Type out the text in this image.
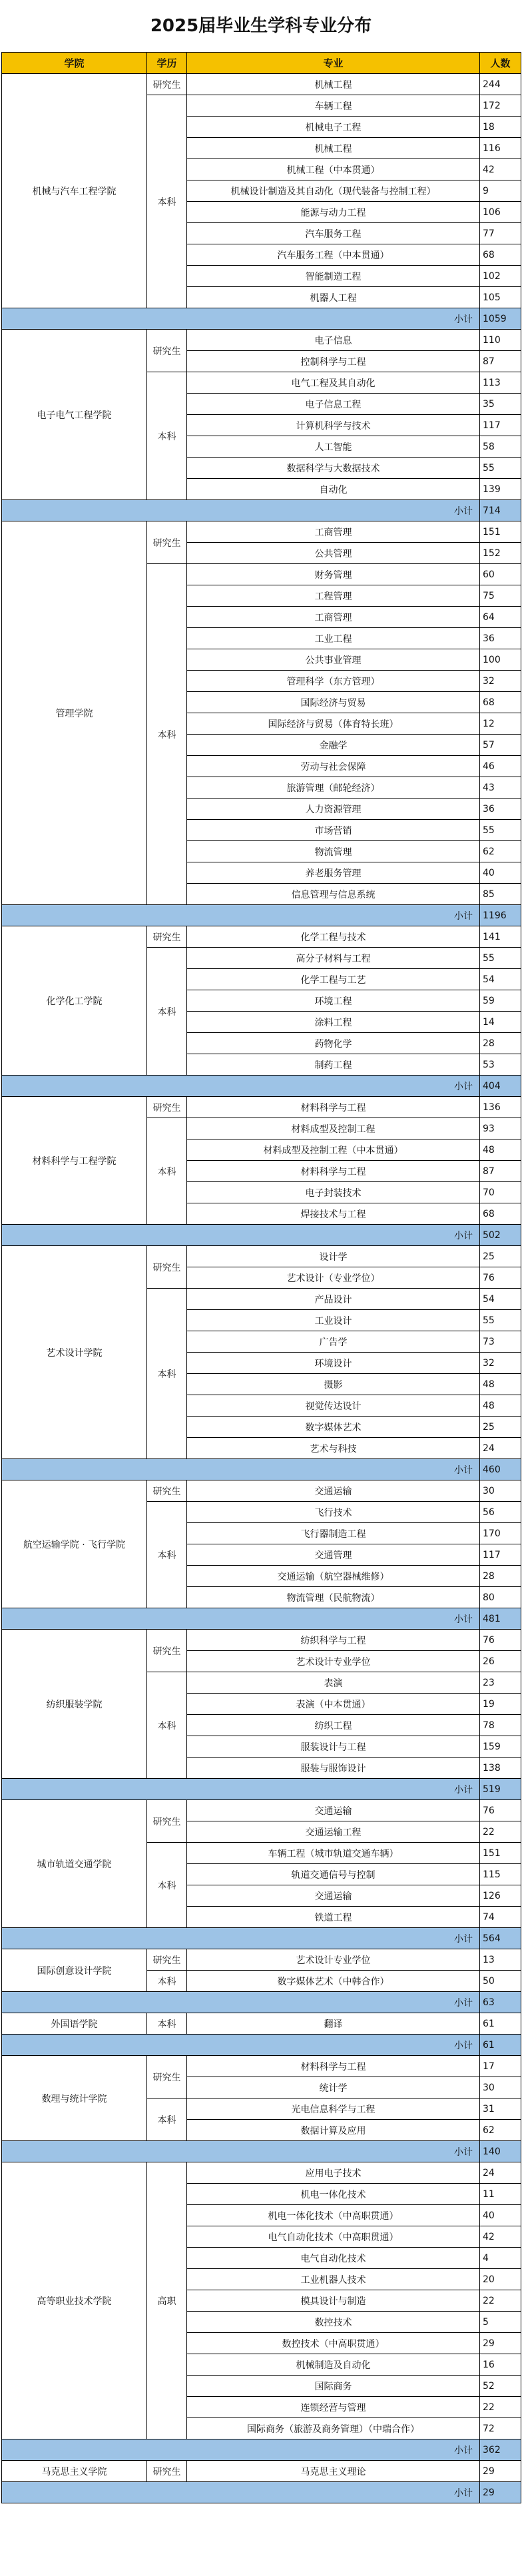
2025届毕业生学科专业分布
学院	学历	专业	人数
机械与汽车工程学院	研究生	机械工程	244
	本科	车辆工程	172
		机械电子工程	18
		机械工程	116
		机械工程（中本贯通）	42
		机械设计制造及其自动化（现代装备与控制工程）	9
		能源与动力工程	106
		汽车服务工程	77
		汽车服务工程（中本贯通）	68
		智能制造工程	102
		机器人工程	105
小计			1059
电子电气工程学院	研究生	电子信息	110
		控制科学与工程	87
	本科	电气工程及其自动化	113
		电子信息工程	35
		计算机科学与技术	117
		人工智能	58
		数据科学与大数据技术	55
		自动化	139
小计			714
管理学院	研究生	工商管理	151
		公共管理	152
	本科	财务管理	60
		工程管理	75
		工商管理	64
		工业工程	36
		公共事业管理	100
		管理科学（东方管理）	32
		国际经济与贸易	68
		国际经济与贸易（体育特长班）	12
		金融学	57
		劳动与社会保障	46
		旅游管理（邮轮经济）	43
		人力资源管理	36
		市场营销	55
		物流管理	62
		养老服务管理	40
		信息管理与信息系统	85
小计			1196
化学化工学院	研究生	化学工程与技术	141
	本科	高分子材料与工程	55
		化学工程与工艺	54
		环境工程	59
		涂料工程	14
		药物化学	28
		制药工程	53
小计			404
材料科学与工程学院	研究生	材料科学与工程	136
	本科	材料成型及控制工程	93
		材料成型及控制工程（中本贯通）	48
		材料科学与工程	87
		电子封装技术	70
		焊接技术与工程	68
小计			502
艺术设计学院	研究生	设计学	25
		艺术设计（专业学位）	76
	本科	产品设计	54
		工业设计	55
		广告学	73
		环境设计	32
		摄影	48
		视觉传达设计	48
		数字媒体艺术	25
		艺术与科技	24
小计			460
航空运输学院 · 飞行学院	研究生	交通运输	30
	本科	飞行技术	56
		飞行器制造工程	170
		交通管理	117
		交通运输（航空器械维修）	28
		物流管理（民航物流）	80
小计			481
纺织服装学院	研究生	纺织科学与工程	76
		艺术设计专业学位	26
	本科	表演	23
		表演（中本贯通）	19
		纺织工程	78
		服装设计与工程	159
		服装与服饰设计	138
小计			519
城市轨道交通学院	研究生	交通运输	76
		交通运输工程	22
	本科	车辆工程（城市轨道交通车辆）	151
		轨道交通信号与控制	115
		交通运输	126
		铁道工程	74
小计			564
国际创意设计学院	研究生	艺术设计专业学位	13
	本科	数字媒体艺术（中韩合作）	50
小计			63
外国语学院	本科	翻译	61
小计			61
数理与统计学院	研究生	材料科学与工程	17
		统计学	30
	本科	光电信息科学与工程	31
		数据计算及应用	62
小计			140
高等职业技术学院	高职	应用电子技术	24
		机电一体化技术	11
		机电一体化技术（中高职贯通）	40
		电气自动化技术（中高职贯通）	42
		电气自动化技术	4
		工业机器人技术	20
		模具设计与制造	22
		数控技术	5
		数控技术（中高职贯通）	29
		机械制造及自动化	16
		国际商务	52
		连锁经营与管理	22
		国际商务（旅游及商务管理）（中瑞合作）	72
小计			362
马克思主义学院	研究生	马克思主义理论	29
小计			29
